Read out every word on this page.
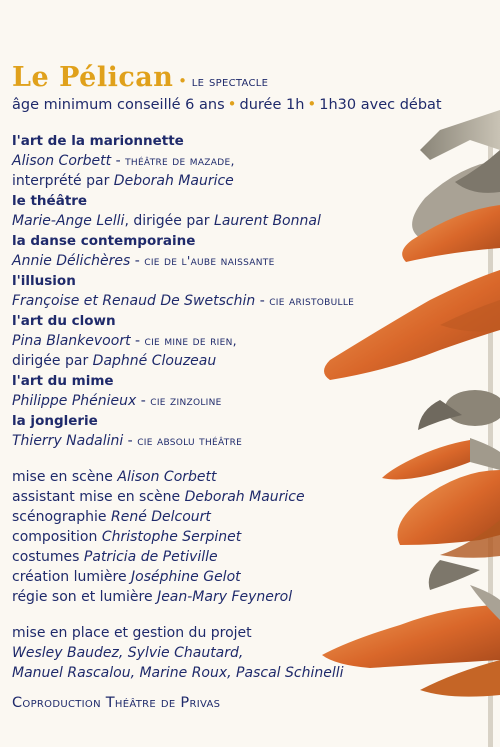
Le Pélican • le spectacle
âge minimum conseillé 6 ans • durée 1h • 1h30 avec débat
l'art de la marionnette
Alison Corbett - théâtre de mazade,
interprété par Deborah Maurice
le théâtre
Marie-Ange Lelli, dirigée par Laurent Bonnal
la danse contemporaine
Annie Délichères - cie de l'aube naissante
l'illusion
Françoise et Renaud De Swetschin - cie aristobulle
l'art du clown
Pina Blankevoort - cie mine de rien,
dirigée par Daphné Clouzeau
l'art du mime
Philippe Phénieux - cie zinzoline
la jonglerie
Thierry Nadalini - cie absolu théâtre
mise en scène Alison Corbett
assistant mise en scène Deborah Maurice
scénographie René Delcourt
composition Christophe Serpinet
costumes Patricia de Petiville
création lumière Joséphine Gelot
régie son et lumière Jean-Mary Feynerol
mise en place et gestion du projet
Wesley Baudez, Sylvie Chautard,
Manuel Rascalou, Marine Roux, Pascal Schinelli
Coproduction Théâtre de Privas
